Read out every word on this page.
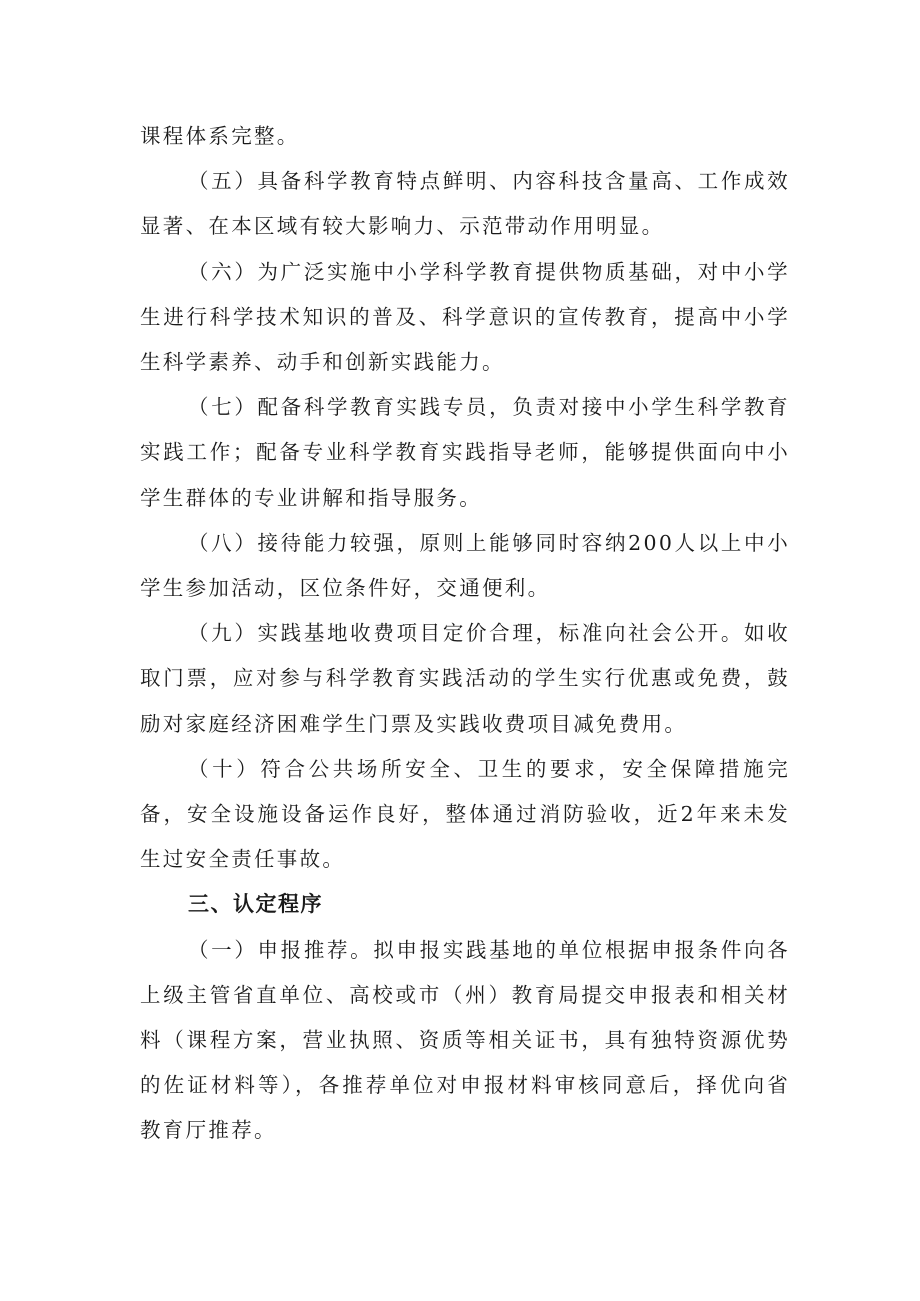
课程体系完整。

（五）具备科学教育特点鲜明、内容科技含量高、工作成效显著、在本区域有较大影响力、示范带动作用明显。

（六）为广泛实施中小学科学教育提供物质基础，对中小学生进行科学技术知识的普及、科学意识的宣传教育，提高中小学生科学素养、动手和创新实践能力。

（七）配备科学教育实践专员，负责对接中小学生科学教育实践工作；配备专业科学教育实践指导老师，能够提供面向中小学生群体的专业讲解和指导服务。

（八）接待能力较强，原则上能够同时容纳200人以上中小学生参加活动，区位条件好，交通便利。

（九）实践基地收费项目定价合理，标准向社会公开。如收取门票，应对参与科学教育实践活动的学生实行优惠或免费，鼓励对家庭经济困难学生门票及实践收费项目减免费用。

（十）符合公共场所安全、卫生的要求，安全保障措施完备，安全设施设备运作良好，整体通过消防验收，近2年来未发生过安全责任事故。

三、认定程序

（一）申报推荐。拟申报实践基地的单位根据申报条件向各上级主管省直单位、高校或市（州）教育局提交申报表和相关材料（课程方案，营业执照、资质等相关证书，具有独特资源优势的佐证材料等），各推荐单位对申报材料审核同意后，择优向省教育厅推荐。
